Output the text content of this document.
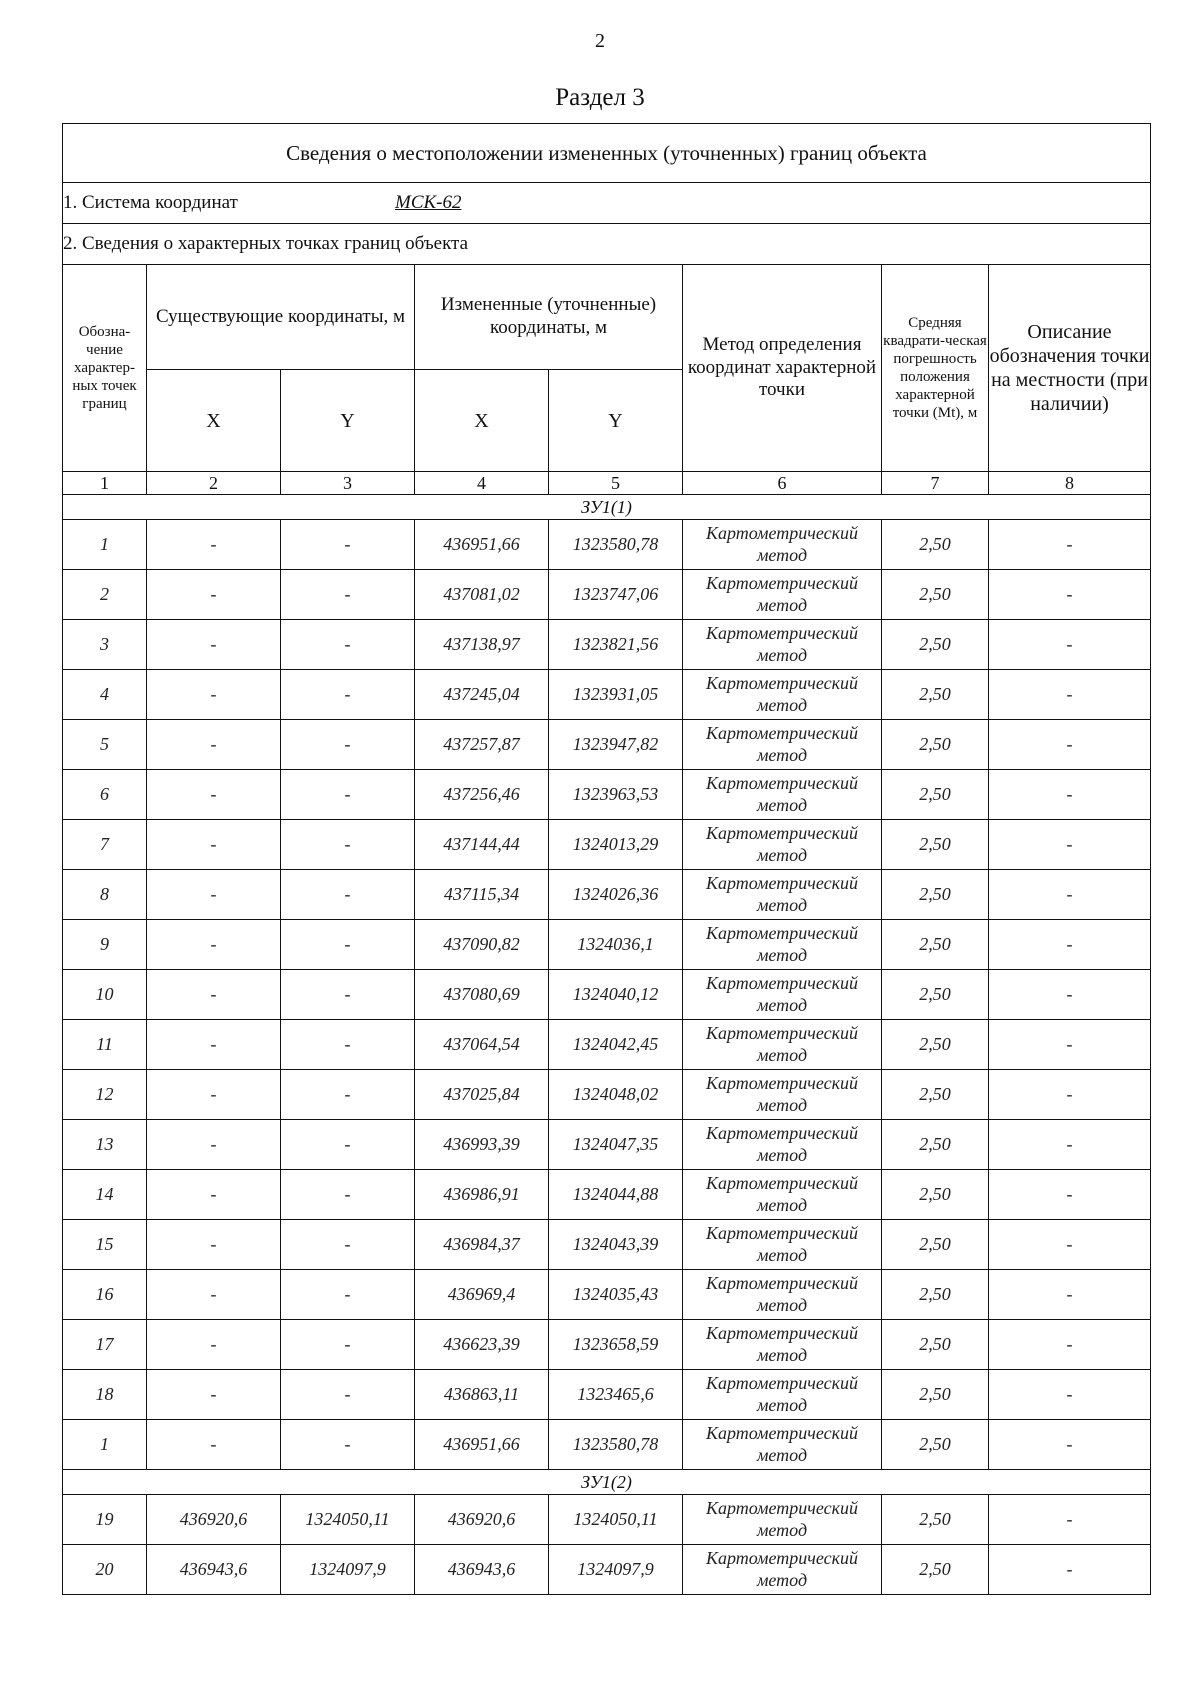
2
Раздел 3
Сведения о местоположении измененных (уточненных) границ объекта							
1. Система координат МСК-62							
2. Сведения о характерных точках границ объекта							
Обозна-чение характер-ных точек границ	Существующие координаты, м		Измененные (уточненные) координаты, м		Метод определения координат характерной точки	Средняя квадрати-ческая погрешность положения характерной точки (Mt), м	Описание обозначения точки на местности (при наличии)
	X	Y	X	Y			
1	2	3	4	5	6	7	8
ЗУ1(1)							
1	-	-	436951,66	1323580,78	Картометрический метод	2,50	-
2	-	-	437081,02	1323747,06	Картометрический метод	2,50	-
3	-	-	437138,97	1323821,56	Картометрический метод	2,50	-
4	-	-	437245,04	1323931,05	Картометрический метод	2,50	-
5	-	-	437257,87	1323947,82	Картометрический метод	2,50	-
6	-	-	437256,46	1323963,53	Картометрический метод	2,50	-
7	-	-	437144,44	1324013,29	Картометрический метод	2,50	-
8	-	-	437115,34	1324026,36	Картометрический метод	2,50	-
9	-	-	437090,82	1324036,1	Картометрический метод	2,50	-
10	-	-	437080,69	1324040,12	Картометрический метод	2,50	-
11	-	-	437064,54	1324042,45	Картометрический метод	2,50	-
12	-	-	437025,84	1324048,02	Картометрический метод	2,50	-
13	-	-	436993,39	1324047,35	Картометрический метод	2,50	-
14	-	-	436986,91	1324044,88	Картометрический метод	2,50	-
15	-	-	436984,37	1324043,39	Картометрический метод	2,50	-
16	-	-	436969,4	1324035,43	Картометрический метод	2,50	-
17	-	-	436623,39	1323658,59	Картометрический метод	2,50	-
18	-	-	436863,11	1323465,6	Картометрический метод	2,50	-
1	-	-	436951,66	1323580,78	Картометрический метод	2,50	-
ЗУ1(2)							
19	436920,6	1324050,11	436920,6	1324050,11	Картометрический метод	2,50	-
20	436943,6	1324097,9	436943,6	1324097,9	Картометрический метод	2,50	-
